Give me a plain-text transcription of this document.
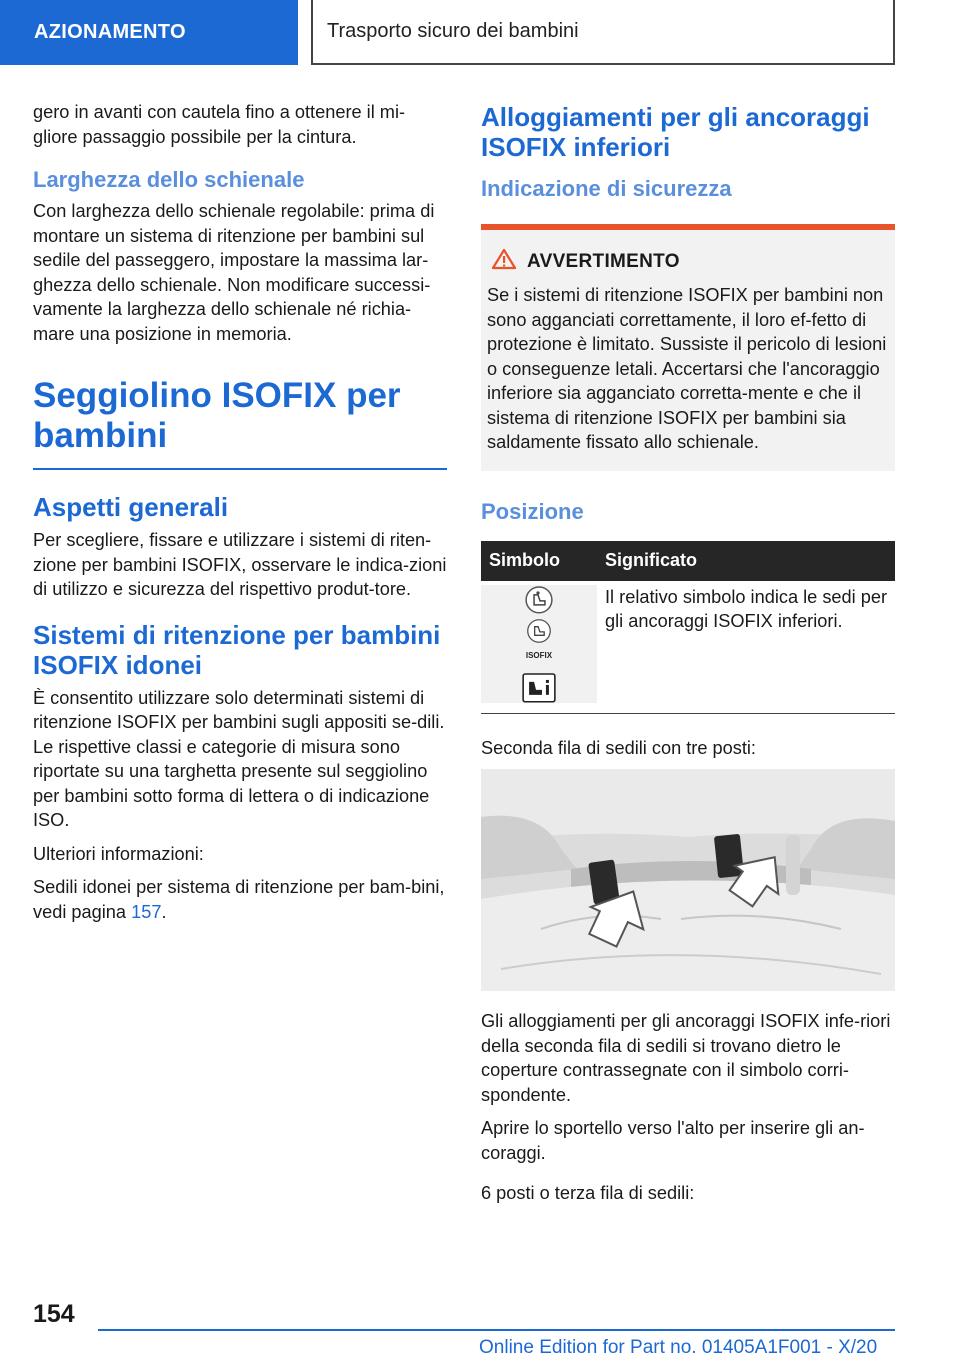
AZIONAMENTO	Trasporto sicuro dei bambini

gero in avanti con cautela fino a ottenere il mi-gliore passaggio possibile per la cintura.

Larghezza dello schienale

Con larghezza dello schienale regolabile: prima di montare un sistema di ritenzione per bambini sul sedile del passeggero, impostare la massima lar-ghezza dello schienale. Non modificare successi-vamente la larghezza dello schienale né richia-mare una posizione in memoria.

Seggiolino ISOFIX per bambini
Aspetti generali

Per scegliere, fissare e utilizzare i sistemi di riten-zione per bambini ISOFIX, osservare le indica-zioni di utilizzo e sicurezza del rispettivo produt-tore.

Sistemi di ritenzione per bambini ISOFIX idonei

È consentito utilizzare solo determinati sistemi di ritenzione ISOFIX per bambini sugli appositi se-dili. Le rispettive classi e categorie di misura sono riportate su una targhetta presente sul seggiolino per bambini sotto forma di lettera o di indicazione ISO.

Ulteriori informazioni:

Sedili idonei per sistema di ritenzione per bam-bini, vedi pagina 157.

Alloggiamenti per gli ancoraggi ISOFIX inferiori
Indicazione di sicurezza
AVVERTIMENTO

Se i sistemi di ritenzione ISOFIX per bambini non sono agganciati correttamente, il loro ef-fetto di protezione è limitato. Sussiste il pericolo di lesioni o conseguenze letali. Accertarsi che l'ancoraggio inferiore sia agganciato corretta-mente e che il sistema di ritenzione ISOFIX per bambini sia saldamente fissato allo schienale.

Posizione
Simbolo	Significato

ISOFIX	Il relativo simbolo indica le sedi per gli ancoraggi ISOFIX inferiori.

Seconda fila di sedili con tre posti:

Gli alloggiamenti per gli ancoraggi ISOFIX infe-riori della seconda fila di sedili si trovano dietro le coperture contrassegnate con il simbolo corri-spondente.

Aprire lo sportello verso l'alto per inserire gli an-coraggi.

6 posti o terza fila di sedili:

154
Online Edition for Part no. 01405A1F001 - X/20
